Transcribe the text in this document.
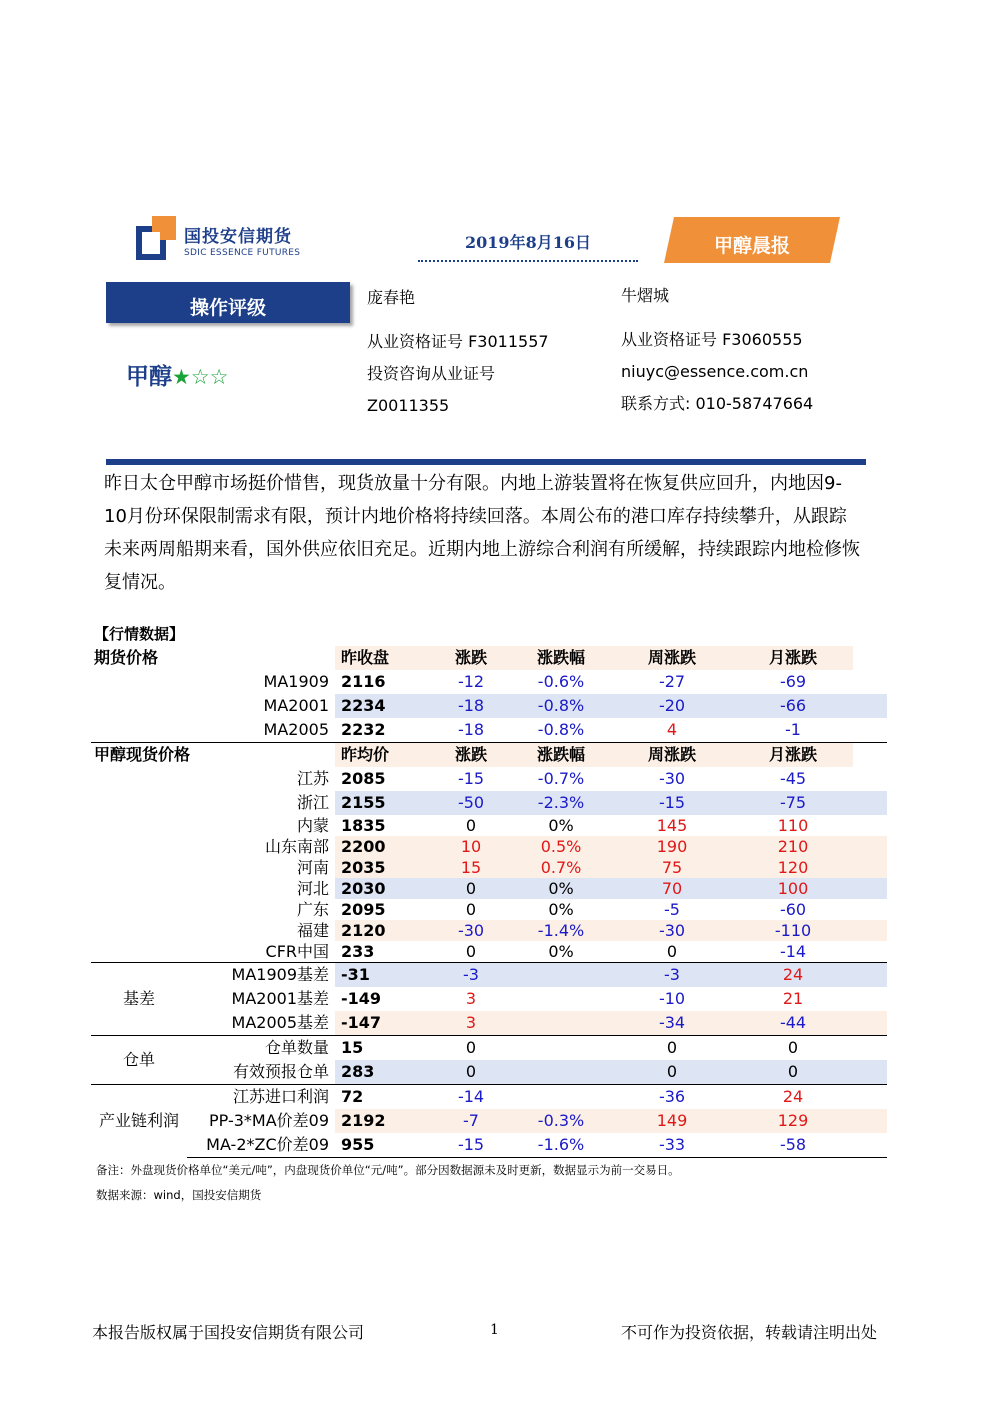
国投安信期货
SDIC ESSENCE FUTURES
2019年8月16日	甲醇晨报
操作评级
甲醇★☆☆
庞春艳
从业资格证号 F3011557
投资咨询从业证号
Z0011355
牛熠城
从业资格证号 F3060555
niuyc@essence.com.cn
联系方式: 010-58747664
昨日太仓甲醇市场挺价惜售，现货放量十分有限。内地上游装置将在恢复供应回升，内地因9-10月份环保限制需求有限，预计内地价格将持续回落。本周公布的港口库存持续攀升，从跟踪未来两周船期来看，国外供应依旧充足。近期内地上游综合利润有所缓解，持续跟踪内地检修恢复情况。
【行情数据】
期货价格		昨收盘	涨跌	涨跌幅	周涨跌	月涨跌	
	MA1909	2116	-12	-0.6%	-27	-69	
	MA2001	2234	-18	-0.8%	-20	-66	
	MA2005	2232	-18	-0.8%	4	-1	
甲醇现货价格		昨均价	涨跌	涨跌幅	周涨跌	月涨跌	
	江苏	2085	-15	-0.7%	-30	-45	
	浙江	2155	-50	-2.3%	-15	-75	
	内蒙	1835	0	0%	145	110	
	山东南部	2200	10	0.5%	190	210	
	河南	2035	15	0.7%	75	120	
	河北	2030	0	0%	70	100	
	广东	2095	0	0%	-5	-60	
	福建	2120	-30	-1.4%	-30	-110	
	CFR中国	233	0	0%	0	-14	
基差	MA1909基差	-31	-3		-3	24	
	MA2001基差	-149	3		-10	21	
	MA2005基差	-147	3		-34	-44	
仓单	仓单数量	15	0		0	0	
	有效预报仓单	283	0		0	0	
产业链利润	江苏进口利润	72	-14		-36	24	
	PP-3*MA价差09	2192	-7	-0.3%	149	129	
	MA-2*ZC价差09	955	-15	-1.6%	-33	-58	
备注：外盘现货价格单位“美元/吨”，内盘现货价单位“元/吨”。部分因数据源未及时更新，数据显示为前一交易日。
数据来源：wind，国投安信期货
本报告版权属于国投安信期货有限公司	1	不可作为投资依据，转载请注明出处
